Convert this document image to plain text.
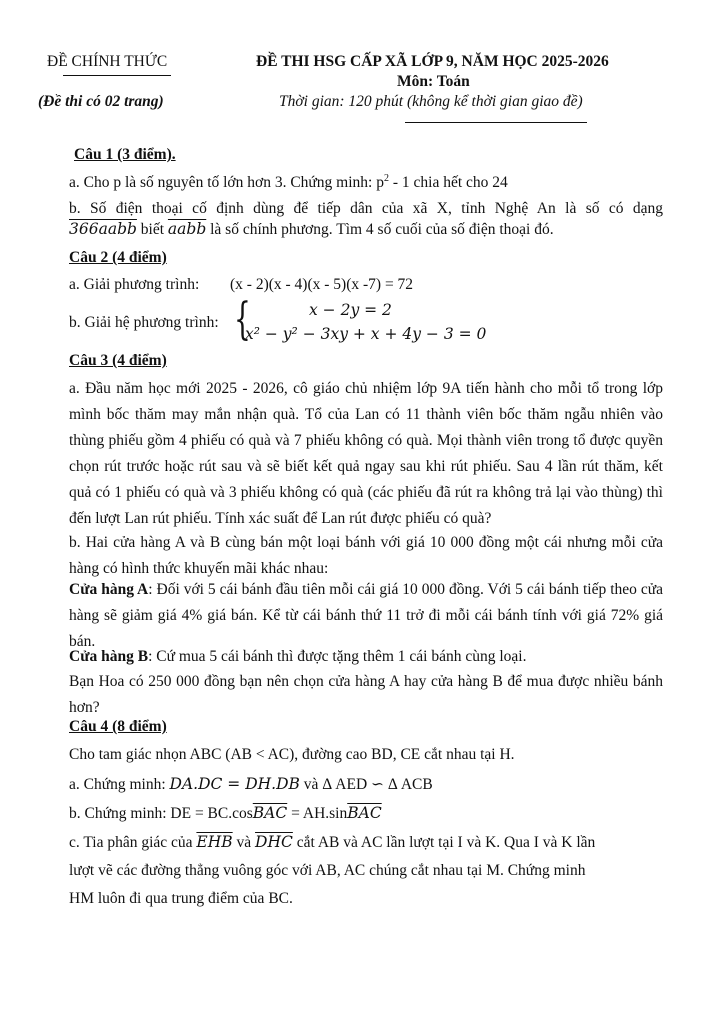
ĐỀ CHÍNH THỨC
(Đề thi có 02 trang)
ĐỀ THI HSG CẤP XÃ LỚP 9, NĂM HỌC 2025-2026
Môn: Toán
Thời gian: 120 phút (không kể thời gian giao đề)
Câu 1 (3 điểm).
a. Cho p là số nguyên tố lớn hơn 3. Chứng minh: $p^2 - 1$ chia hết cho 24
b. Số điện thoại cố định dùng để tiếp dân của xã X, tỉnh Nghệ An là số có dạng
366aabb biết aabb là số chính phương. Tìm 4 số cuối của số điện thoại đó.
Câu 2 (4 điểm)
a. Giải phương trình: (x - 2)(x - 4)(x - 5)(x -7) = 72
b. Giải hệ phương trình: {	x − 2y = 2
x² − y² − 3xy + x + 4y − 3 = 0
Câu 3 (4 điểm)
a. Đầu năm học mới 2025 - 2026, cô giáo chủ nhiệm lớp 9A tiến hành cho mỗi tổ trong lớp mình bốc thăm may mắn nhận quà. Tổ của Lan có 11 thành viên bốc thăm ngẫu nhiên vào thùng phiếu gồm 4 phiếu có quà và 7 phiếu không có quà. Mọi thành viên trong tổ được quyền chọn rút trước hoặc rút sau và sẽ biết kết quả ngay sau khi rút phiếu. Sau 4 lần rút thăm, kết quả có 1 phiếu có quà và 3 phiếu không có quà (các phiếu đã rút ra không trả lại vào thùng) thì đến lượt Lan rút phiếu. Tính xác suất để Lan rút được phiếu có quà?
b. Hai cửa hàng A và B cùng bán một loại bánh với giá 10 000 đồng một cái nhưng mỗi cửa hàng có hình thức khuyến mãi khác nhau:
Cửa hàng A: Đối với 5 cái bánh đầu tiên mỗi cái giá 10 000 đồng. Với 5 cái bánh tiếp theo cửa hàng sẽ giảm giá 4% giá bán. Kể từ cái bánh thứ 11 trở đi mỗi cái bánh tính với giá 72% giá bán.
Cửa hàng B: Cứ mua 5 cái bánh thì được tặng thêm 1 cái bánh cùng loại.
Bạn Hoa có 250 000 đồng bạn nên chọn cửa hàng A hay cửa hàng B để mua được nhiều bánh hơn?
Câu 4 (8 điểm)
Cho tam giác nhọn ABC (AB < AC), đường cao BD, CE cắt nhau tại H.
a. Chứng minh: DA.DC = DH.DB và Δ AED ∽ Δ ACB
b. Chứng minh: DE = $BC.\cos\overline{BAC} = AH.\sin\overline{BAC}$
c. Tia phân giác của $\overline{EHB}$ và $\overline{DHC}$ cắt AB và AC lần lượt tại I và K. Qua I và K lần
lượt vẽ các đường thẳng vuông góc với AB, AC chúng cắt nhau tại M. Chứng minh
HM luôn đi qua trung điểm của BC.
